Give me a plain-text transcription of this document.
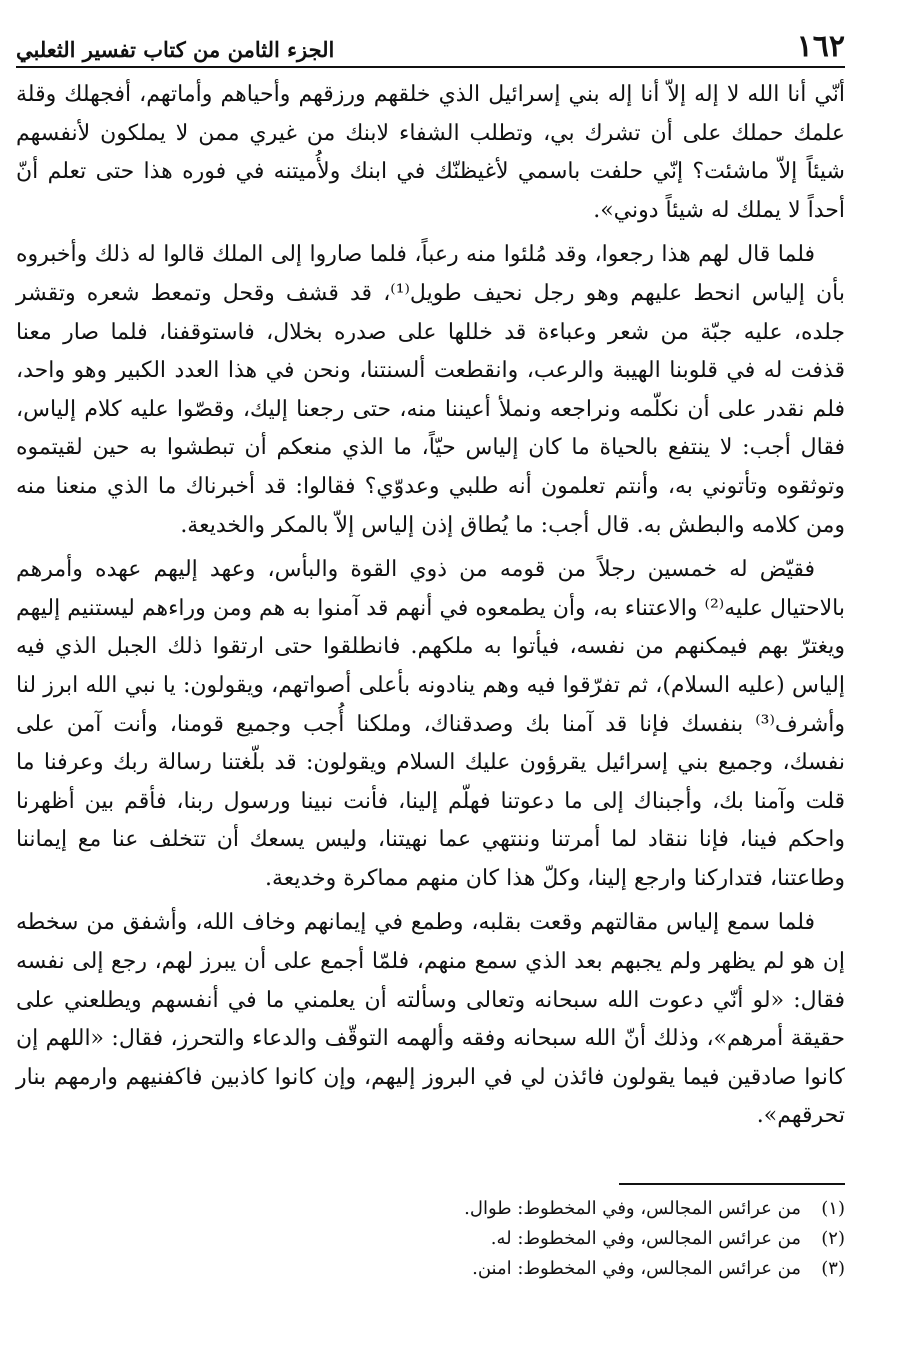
١٦٢
الجزء الثامن من كتاب تفسير الثعلبي

أنّي أنا الله لا إله إلاّ أنا إله بني إسرائيل الذي خلقهم ورزقهم وأحياهم وأماتهم، أفجهلك وقلة علمك حملك على أن تشرك بي، وتطلب الشفاء لابنك من غيري ممن لا يملكون لأنفسهم شيئاً إلاّ ماشئت؟ إنّي حلفت باسمي لأغيظنّك في ابنك ولأُميتنه في فوره هذا حتى تعلم أنّ أحداً لا يملك له شيئاً دوني».

فلما قال لهم هذا رجعوا، وقد مُلئوا منه رعباً، فلما صاروا إلى الملك قالوا له ذلك وأخبروه بأن إلياس انحط عليهم وهو رجل نحيف طويل⁽¹⁾، قد قشف وقحل وتمعط شعره وتقشر جلده، عليه جبّة من شعر وعباءة قد خللها على صدره بخلال، فاستوقفنا، فلما صار معنا قذفت له في قلوبنا الهيبة والرعب، وانقطعت ألسنتنا، ونحن في هذا العدد الكبير وهو واحد، فلم نقدر على أن نكلّمه ونراجعه ونملأ أعيننا منه، حتى رجعنا إليك، وقصّوا عليه كلام إلياس، فقال أجب: لا ينتفع بالحياة ما كان إلياس حيّاً، ما الذي منعكم أن تبطشوا به حين لقيتموه وتوثقوه وتأتوني به، وأنتم تعلمون أنه طلبي وعدوّي؟ فقالوا: قد أخبرناك ما الذي منعنا منه ومن كلامه والبطش به. قال أجب: ما يُطاق إذن إلياس إلاّ بالمكر والخديعة.

فقيّض له خمسين رجلاً من قومه من ذوي القوة والبأس، وعهد إليهم عهده وأمرهم بالاحتيال عليه⁽²⁾ والاعتناء به، وأن يطمعوه في أنهم قد آمنوا به هم ومن وراءهم ليستنيم إليهم ويغترّ بهم فيمكنهم من نفسه، فيأتوا به ملكهم. فانطلقوا حتى ارتقوا ذلك الجبل الذي فيه إلياس (عليه السلام)، ثم تفرّقوا فيه وهم ينادونه بأعلى أصواتهم، ويقولون: يا نبي الله ابرز لنا وأشرف⁽³⁾ بنفسك فإنا قد آمنا بك وصدقناك، وملكنا أُجب وجميع قومنا، وأنت آمن على نفسك، وجميع بني إسرائيل يقرؤون عليك السلام ويقولون: قد بلّغتنا رسالة ربك وعرفنا ما قلت وآمنا بك، وأجبناك إلى ما دعوتنا فهلّم إلينا، فأنت نبينا ورسول ربنا، فأقم بين أظهرنا واحكم فينا، فإنا ننقاد لما أمرتنا وننتهي عما نهيتنا، وليس يسعك أن تتخلف عنا مع إيماننا وطاعتنا، فتداركنا وارجع إلينا، وكلّ هذا كان منهم مماكرة وخديعة.

فلما سمع إلياس مقالتهم وقعت بقلبه، وطمع في إيمانهم وخاف الله، وأشفق من سخطه إن هو لم يظهر ولم يجبهم بعد الذي سمع منهم، فلمّا أجمع على أن يبرز لهم، رجع إلى نفسه فقال: «لو أنّي دعوت الله سبحانه وتعالى وسألته أن يعلمني ما في أنفسهم ويطلعني على حقيقة أمرهم»، وذلك أنّ الله سبحانه وفقه وألهمه التوقّف والدعاء والتحرز، فقال: «اللهم إن كانوا صادقين فيما يقولون فائذن لي في البروز إليهم، وإن كانوا كاذبين فاكفنيهم وارمهم بنار تحرقهم».

(١)
من عرائس المجالس، وفي المخطوط: طوال.
(٢)
من عرائس المجالس، وفي المخطوط: له.
(٣)
من عرائس المجالس، وفي المخطوط: امنن.
